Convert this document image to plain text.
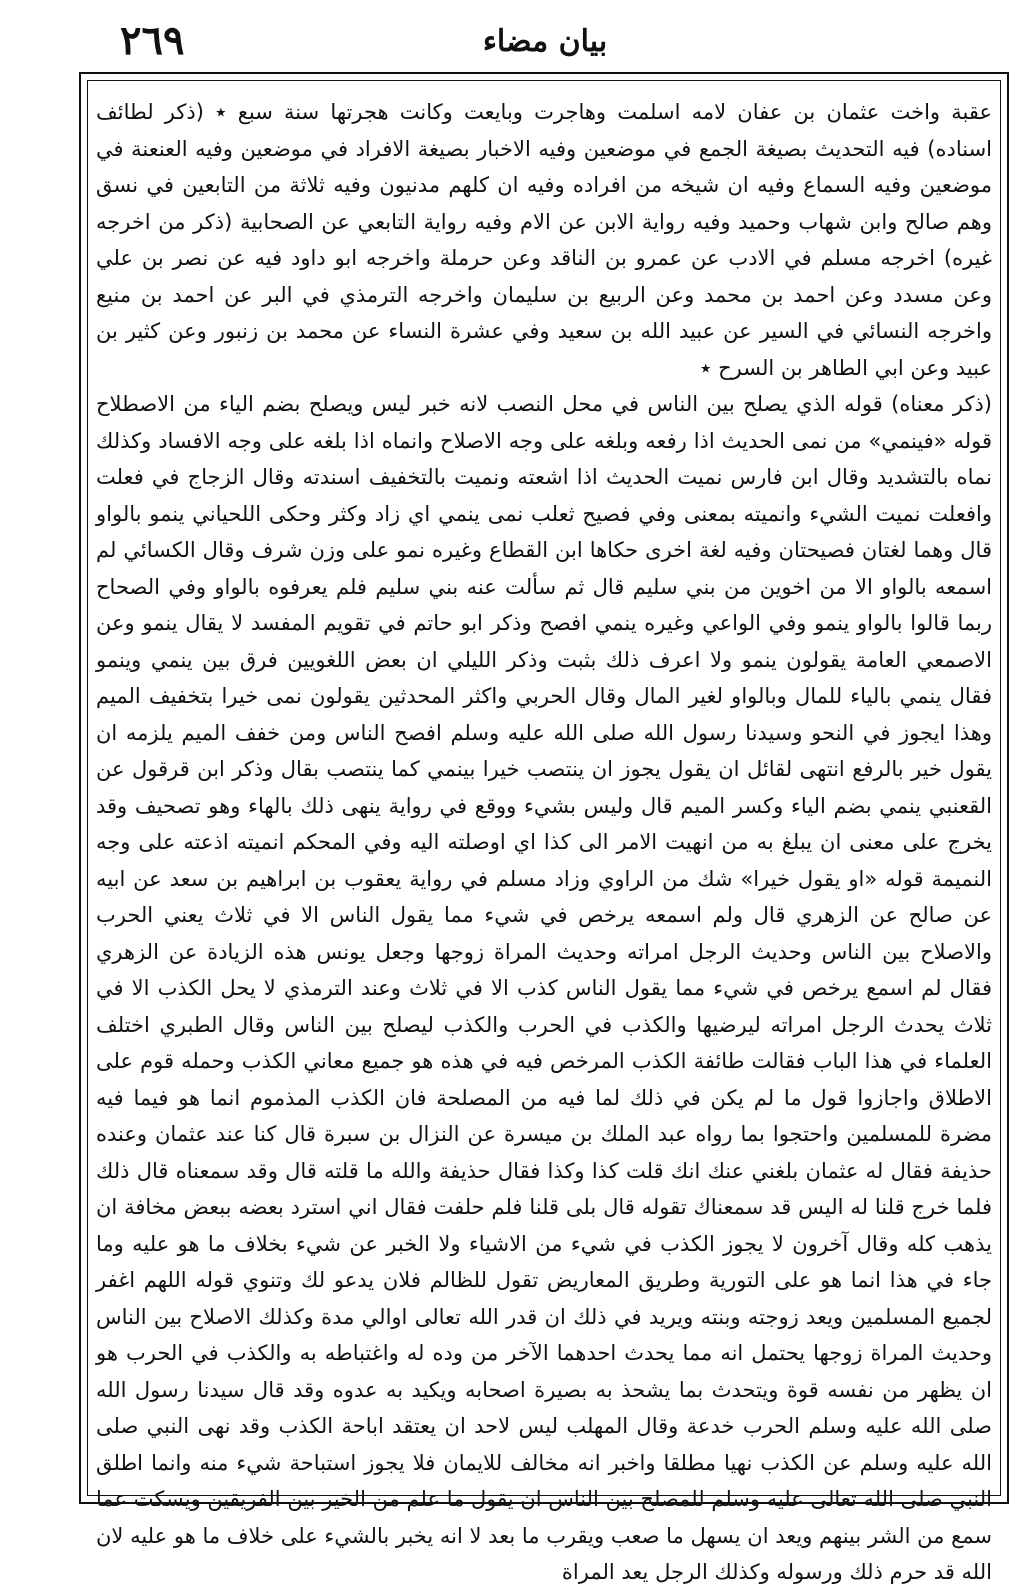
٢٦٩	بیان مضاء

عقبة واخت عثمان بن عفان لامه اسلمت وهاجرت وبايعت وكانت هجرتها سنة سبع ٭ (ذكر لطائف اسناده) فيه التحديث بصيغة الجمع في موضعين وفيه الاخبار بصيغة الافراد في موضعين وفيه العنعنة في موضعين وفيه السماع وفيه ان شيخه من افراده وفيه ان كلهم مدنيون وفيه ثلاثة من التابعين في نسق وهم صالح وابن شهاب وحميد وفيه رواية الابن عن الام وفيه رواية التابعي عن الصحابية (ذكر من اخرجه غيره) اخرجه مسلم في الادب عن عمرو بن الناقد وعن حرملة واخرجه ابو داود فيه عن نصر بن علي وعن مسدد وعن احمد بن محمد وعن الربيع بن سليمان واخرجه الترمذي في البر عن احمد بن منيع واخرجه النسائي في السير عن عبيد الله بن سعيد وفي عشرة النساء عن محمد بن زنبور وعن كثير بن عبيد وعن ابي الطاهر بن السرح ٭

(ذكر معناه) قوله الذي يصلح بين الناس في محل النصب لانه خبر ليس ويصلح بضم الياء من الاصطلاح قوله «فينمي» من نمى الحديث اذا رفعه وبلغه على وجه الاصلاح وانماه اذا بلغه على وجه الافساد وكذلك نماه بالتشديد وقال ابن فارس نميت الحديث اذا اشعته ونميت بالتخفيف اسندته وقال الزجاج في فعلت وافعلت نميت الشيء وانميته بمعنى وفي فصيح ثعلب نمى ينمي اي زاد وكثر وحكى اللحياني ينمو بالواو قال وهما لغتان فصيحتان وفيه لغة اخرى حكاها ابن القطاع وغيره نمو على وزن شرف وقال الكسائي لم اسمعه بالواو الا من اخوين من بني سليم قال ثم سألت عنه بني سليم فلم يعرفوه بالواو وفي الصحاح ربما قالوا بالواو ينمو وفي الواعي وغيره ينمي افصح وذكر ابو حاتم في تقويم المفسد لا يقال ينمو وعن الاصمعي العامة يقولون ينمو ولا اعرف ذلك بثبت وذكر الليلي ان بعض اللغويين فرق بين ينمي وينمو فقال ينمي بالياء للمال وبالواو لغير المال وقال الحربي واكثر المحدثين يقولون نمى خيرا بتخفيف الميم وهذا ايجوز في النحو وسيدنا رسول الله صلى الله عليه وسلم افصح الناس ومن خفف الميم يلزمه ان يقول خير بالرفع انتهى لقائل ان يقول يجوز ان ينتصب خيرا بينمي كما ينتصب بقال وذكر ابن قرقول عن القعنبي ينمي بضم الياء وكسر الميم قال وليس بشيء ووقع في رواية ينهى ذلك بالهاء وهو تصحيف وقد يخرج على معنى ان يبلغ به من انهيت الامر الى كذا اي اوصلته اليه وفي المحكم انميته اذعته على وجه النميمة قوله «او يقول خيرا» شك من الراوي وزاد مسلم في رواية يعقوب بن ابراهيم بن سعد عن ابيه عن صالح عن الزهري قال ولم اسمعه يرخص في شيء مما يقول الناس الا في ثلاث يعني الحرب والاصلاح بين الناس وحديث الرجل امراته وحديث المراة زوجها وجعل يونس هذه الزيادة عن الزهري فقال لم اسمع يرخص في شيء مما يقول الناس كذب الا في ثلاث وعند الترمذي لا يحل الكذب الا في ثلاث يحدث الرجل امراته ليرضيها والكذب في الحرب والكذب ليصلح بين الناس وقال الطبري اختلف العلماء في هذا الباب فقالت طائفة الكذب المرخص فيه في هذه هو جميع معاني الكذب وحمله قوم على الاطلاق واجازوا قول ما لم يكن في ذلك لما فيه من المصلحة فان الكذب المذموم انما هو فيما فيه مضرة للمسلمين واحتجوا بما رواه عبد الملك بن ميسرة عن النزال بن سبرة قال كنا عند عثمان وعنده حذيفة فقال له عثمان بلغني عنك انك قلت كذا وكذا فقال حذيفة والله ما قلته قال وقد سمعناه قال ذلك فلما خرج قلنا له اليس قد سمعناك تقوله قال بلى قلنا فلم حلفت فقال اني استرد بعضه ببعض مخافة ان يذهب كله وقال آخرون لا يجوز الكذب في شيء من الاشياء ولا الخبر عن شيء بخلاف ما هو عليه وما جاء في هذا انما هو على التورية وطريق المعاريض تقول للظالم فلان يدعو لك وتنوي قوله اللهم اغفر لجميع المسلمين ويعد زوجته وبنته ويريد في ذلك ان قدر الله تعالى اوالي مدة وكذلك الاصلاح بين الناس وحديث المراة زوجها يحتمل انه مما يحدث احدهما الآخر من وده له واغتباطه به والكذب في الحرب هو ان يظهر من نفسه قوة ويتحدث بما يشحذ به بصيرة اصحابه ويكيد به عدوه وقد قال سيدنا رسول الله صلى الله عليه وسلم الحرب خدعة وقال المهلب ليس لاحد ان يعتقد اباحة الكذب وقد نهى النبي صلى الله عليه وسلم عن الكذب نهيا مطلقا واخبر انه مخالف للايمان فلا يجوز استباحة شيء منه وانما اطلق النبي صلى الله تعالى عليه وسلم للمصلح بين الناس ان يقول ما علم من الخير بين الفريقين ويسكت عما سمع من الشر بينهم ويعد ان يسهل ما صعب ويقرب ما بعد لا انه يخبر بالشيء على خلاف ما هو عليه لان الله قد حرم ذلك ورسوله وكذلك الرجل يعد المراة
